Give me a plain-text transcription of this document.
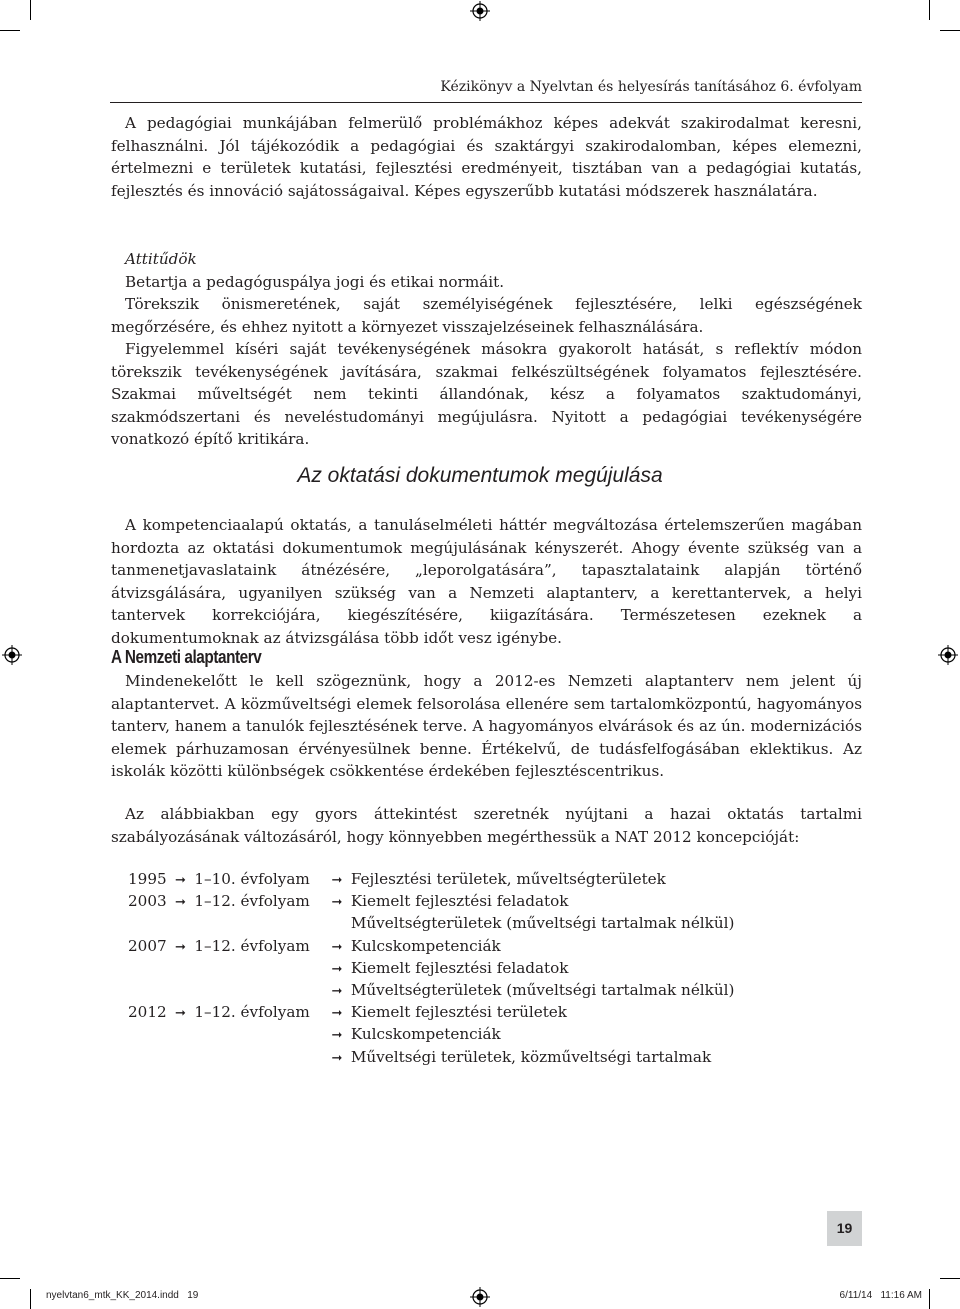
Kézikönyv a Nyelvtan és helyesírás tanításához 6. évfolyam

A pedagógiai munkájában felmerülő problémákhoz képes adekvát szakirodalmat keresni, felhasználni. Jól tájékozódik a pedagógiai és szaktárgyi szakirodalomban, képes elemezni, értelmezni e területek kutatási, fejlesztési eredményeit, tisztában van a pedagógiai kutatás, fejlesztés és innováció sajátosságaival. Képes egyszerűbb kutatási módszerek használatára.

Attitűdök

Betartja a pedagóguspálya jogi és etikai normáit.

Törekszik önismeretének, saját személyiségének fejlesztésére, lelki egészségének megőrzésére, és ehhez nyitott a környezet visszajelzéseinek felhasználására.

Figyelemmel kíséri saját tevékenységének másokra gyakorolt hatását, s reflektív módon törekszik tevékenységének javítására, szakmai felkészültségének folyamatos fejlesztésére. Szakmai műveltségét nem tekinti állandónak, kész a folyamatos szaktudományi, szakmódszertani és neveléstudományi megújulásra. Nyitott a pedagógiai tevékenységére vonatkozó építő kritikára.

Az oktatási dokumentumok megújulása

A kompetenciaalapú oktatás, a tanuláselméleti háttér megváltozása értelemszerűen magában hordozta az oktatási dokumentumok megújulásának kényszerét. Ahogy évente szükség van a tanmenetjavaslataink átnézésére, „leporolgatására”, tapasztalataink alapján történő átvizsgálására, ugyanilyen szükség van a Nemzeti alaptanterv, a kerettantervek, a helyi tantervek korrekciójára, kiegészítésére, kiigazítására. Természetesen ezeknek a dokumentumoknak az átvizsgálása több időt vesz igénybe.

A Nemzeti alaptanterv

Mindenekelőtt le kell szögeznünk, hogy a 2012-es Nemzeti alaptanterv nem jelent új alaptantervet. A közműveltségi elemek felsorolása ellenére sem tartalomközpontú, hagyományos tanterv, hanem a tanulók fejlesztésének terve. A hagyományos elvárások és az ún. modernizációs elemek párhuzamosan érvényesülnek benne. Értékelvű, de tudásfelfogásában eklektikus. Az iskolák közötti különbségek csökkentése érdekében fejlesztéscentrikus.

Az alábbiakban egy gyors áttekintést szeretnék nyújtani a hazai oktatás tartalmi szabályozásának változásáról, hogy könnyebben megérthessük a NAT 2012 koncepcióját:

1995 ➞ 1–10. évfolyam	➞ Fejlesztési területek, műveltségterületek
2003 ➞ 1–12. évfolyam	➞ Kiemelt fejlesztési feladatok
Műveltségterületek (műveltségi tartalmak nélkül)
2007 ➞ 1–12. évfolyam	➞ Kulcskompetenciák
➞ Kiemelt fejlesztési feladatok
➞ Műveltségterületek (műveltségi tartalmak nélkül)
2012 ➞ 1–12. évfolyam	➞ Kiemelt fejlesztési területek
➞ Kulcskompetenciák
➞ Műveltségi területek, közműveltségi tartalmak
19
nyelvtan6_mtk_KK_2014.indd   19	6/11/14   11:16 AM
